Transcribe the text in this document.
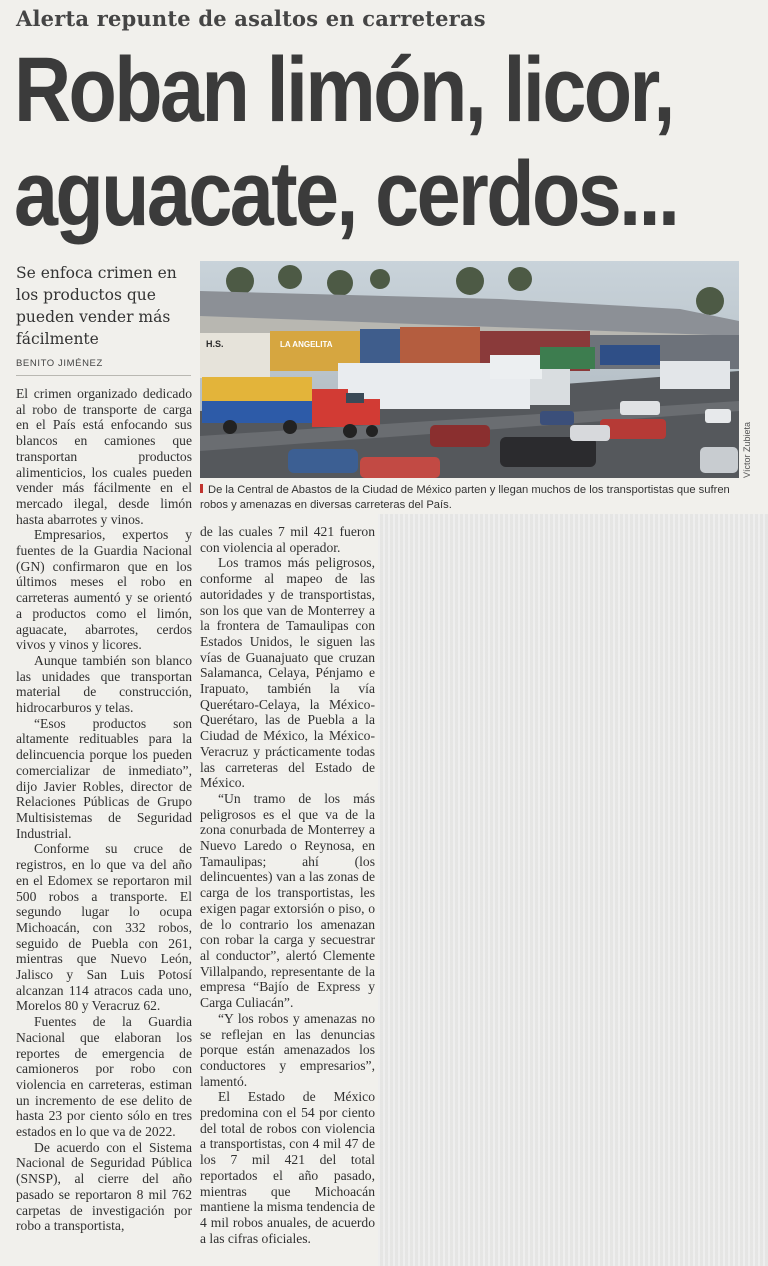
Alerta repunte de asaltos en carreteras
Roban limón, licor,
aguacate, cerdos...
Se enfoca crimen en los productos que pueden vender más fácilmente
BENITO JIMÉNEZ
H.S.	LA ANGELITA
Víctor Zubieta
De la Central de Abastos de la Ciudad de México parten y llegan muchos de los transportistas que sufren robos y amenazas en diversas carreteras del País.

El crimen organizado dedicado al robo de transporte de carga en el País está enfocando sus blancos en camiones que transportan productos alimenticios, los cuales pueden vender más fácilmente en el mercado ilegal, desde limón hasta abarrotes y vinos.

Empresarios, expertos y fuentes de la Guardia Nacional (GN) confirmaron que en los últimos meses el robo en carreteras aumentó y se orientó a productos como el limón, aguacate, abarrotes, cerdos vivos y vinos y licores.

Aunque también son blanco las unidades que transportan material de construcción, hidrocarburos y telas.

“Esos productos son altamente redituables para la delincuencia porque los pueden comercializar de inmediato”, dijo Javier Robles, director de Relaciones Públicas de Grupo Multisistemas de Seguridad Industrial.

Conforme su cruce de registros, en lo que va del año en el Edomex se reportaron mil 500 robos a transporte. El segundo lugar lo ocupa Michoacán, con 332 robos, seguido de Puebla con 261, mientras que Nuevo León, Jalisco y San Luis Potosí alcanzan 114 atracos cada uno, Morelos 80 y Veracruz 62.

Fuentes de la Guardia Nacional que elaboran los reportes de emergencia de camioneros por robo con violencia en carreteras, estiman un incremento de ese delito de hasta 23 por ciento sólo en tres estados en lo que va de 2022.

De acuerdo con el Sistema Nacional de Seguridad Pública (SNSP), al cierre del año pasado se reportaron 8 mil 762 carpetas de investigación por robo a transportista,

de las cuales 7 mil 421 fueron con violencia al operador.

Los tramos más peligrosos, conforme al mapeo de las autoridades y de transportistas, son los que van de Monterrey a la frontera de Tamaulipas con Estados Unidos, le siguen las vías de Guanajuato que cruzan Salamanca, Celaya, Pénjamo e Irapuato, también la vía Querétaro-Celaya, la México-Querétaro, las de Puebla a la Ciudad de México, la México-Veracruz y prácticamente todas las carreteras del Estado de México.

“Un tramo de los más peligrosos es el que va de la zona conurbada de Monterrey a Nuevo Laredo o Reynosa, en Tamaulipas; ahí (los delincuentes) van a las zonas de carga de los transportistas, les exigen pagar extorsión o piso, o de lo contrario los amenazan con robar la carga y secuestrar al conductor”, alertó Clemente Villalpando, representante de la empresa “Bajío de Express y Carga Culiacán”.

“Y los robos y amenazas no se reflejan en las denuncias porque están amenazados los conductores y empresarios”, lamentó.

El Estado de México predomina con el 54 por ciento del total de robos con violencia a transportistas, con 4 mil 47 de los 7 mil 421 del total reportados el año pasado, mientras que Michoacán mantiene la misma tendencia de 4 mil robos anuales, de acuerdo a las cifras oficiales.
